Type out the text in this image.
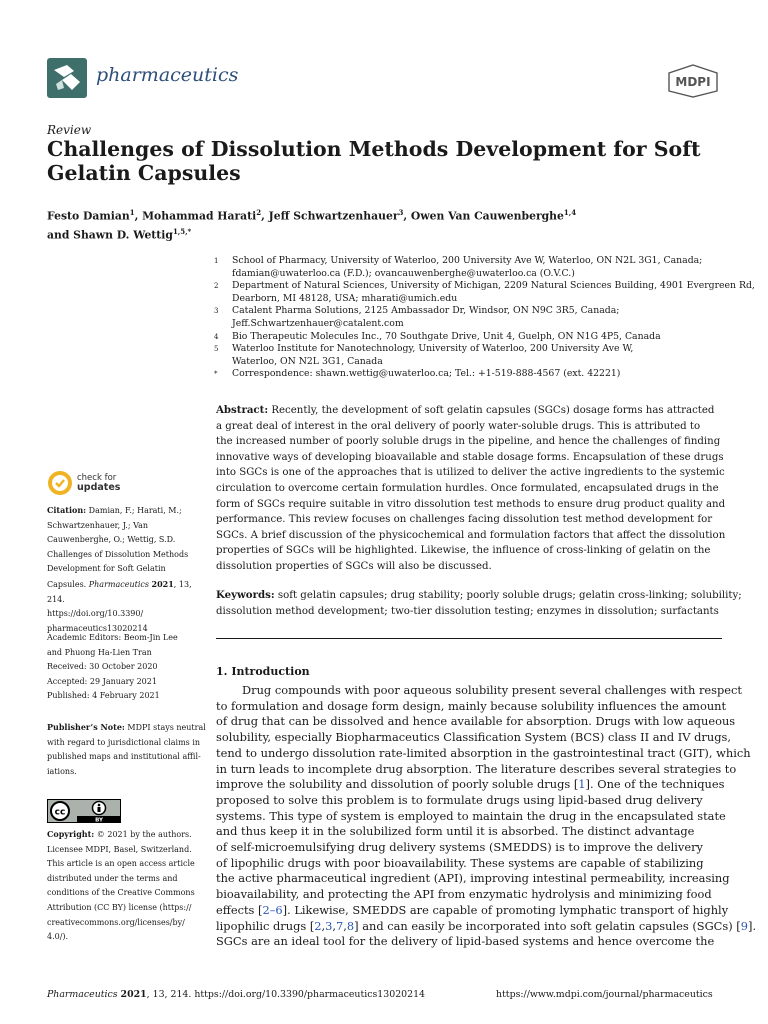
pharmaceutics	MDPI
Review
Challenges of Dissolution Methods Development for Soft
Gelatin Capsules
Festo Damian$^1$, Mohammad Harati$^2$, Jeff Schwartzenhauer$^3$, Owen Van Cauwenberghe$^{1,4}$
and Shawn D. Wettig$^{1,5,*}$
1	School of Pharmacy, University of Waterloo, 200 University Ave W, Waterloo, ON N2L 3G1, Canada;
fdamian@uwaterloo.ca (F.D.); ovancauwenberghe@uwaterloo.ca (O.V.C.)
2	Department of Natural Sciences, University of Michigan, 2209 Natural Sciences Building, 4901 Evergreen Rd,
Dearborn, MI 48128, USA; mharati@umich.edu
3	Catalent Pharma Solutions, 2125 Ambassador Dr, Windsor, ON N9C 3R5, Canada;
Jeff.Schwartzenhauer@catalent.com
4	Bio Therapeutic Molecules Inc., 70 Southgate Drive, Unit 4, Guelph, ON N1G 4P5, Canada
5	Waterloo Institute for Nanotechnology, University of Waterloo, 200 University Ave W,
Waterloo, ON N2L 3G1, Canada
*	Correspondence: shawn.wettig@uwaterloo.ca; Tel.: +1-519-888-4567 (ext. 42221)
Abstract: Recently, the development of soft gelatin capsules (SGCs) dosage forms has attracted
a great deal of interest in the oral delivery of poorly water-soluble drugs. This is attributed to
the increased number of poorly soluble drugs in the pipeline, and hence the challenges of finding
innovative ways of developing bioavailable and stable dosage forms. Encapsulation of these drugs
into SGCs is one of the approaches that is utilized to deliver the active ingredients to the systemic
circulation to overcome certain formulation hurdles. Once formulated, encapsulated drugs in the
form of SGCs require suitable in vitro dissolution test methods to ensure drug product quality and
performance. This review focuses on challenges facing dissolution test method development for
SGCs. A brief discussion of the physicochemical and formulation factors that affect the dissolution
properties of SGCs will be highlighted. Likewise, the influence of cross-linking of gelatin on the
dissolution properties of SGCs will also be discussed.
Keywords: soft gelatin capsules; drug stability; poorly soluble drugs; gelatin cross-linking; solubility;
dissolution method development; two-tier dissolution testing; enzymes in dissolution; surfactants
check for
updates
Citation: Damian, F.; Harati, M.;
Schwartzenhauer, J.; Van
Cauwenberghe, O.; Wettig, S.D.
Challenges of Dissolution Methods
Development for Soft Gelatin
Capsules. Pharmaceutics 2021, 13, 214.
https://doi.org/10.3390/
pharmaceutics13020214
Academic Editors: Beom-Jin Lee
and Phuong Ha-Lien Tran
Received: 30 October 2020
Accepted: 29 January 2021
Published: 4 February 2021
Publisher’s Note: MDPI stays neutral
with regard to jurisdictional claims in
published maps and institutional affil-
iations.
cc
BY
Copyright: © 2021 by the authors.
Licensee MDPI, Basel, Switzerland.
This article is an open access article
distributed under the terms and
conditions of the Creative Commons
Attribution (CC BY) license (https://
creativecommons.org/licenses/by/
4.0/).
1. Introduction
Drug compounds with poor aqueous solubility present several challenges with respect
to formulation and dosage form design, mainly because solubility influences the amount
of drug that can be dissolved and hence available for absorption. Drugs with low aqueous
solubility, especially Biopharmaceutics Classification System (BCS) class II and IV drugs,
tend to undergo dissolution rate-limited absorption in the gastrointestinal tract (GIT), which
in turn leads to incomplete drug absorption. The literature describes several strategies to
improve the solubility and dissolution of poorly soluble drugs [1]. One of the techniques
proposed to solve this problem is to formulate drugs using lipid-based drug delivery
systems. This type of system is employed to maintain the drug in the encapsulated state
and thus keep it in the solubilized form until it is absorbed. The distinct advantage
of self-microemulsifying drug delivery systems (SMEDDS) is to improve the delivery
of lipophilic drugs with poor bioavailability. These systems are capable of stabilizing
the active pharmaceutical ingredient (API), improving intestinal permeability, increasing
bioavailability, and protecting the API from enzymatic hydrolysis and minimizing food
effects [2–6]. Likewise, SMEDDS are capable of promoting lymphatic transport of highly
lipophilic drugs [2,3,7,8] and can easily be incorporated into soft gelatin capsules (SGCs) [9].
SGCs are an ideal tool for the delivery of lipid-based systems and hence overcome the
Pharmaceutics 2021, 13, 214. https://doi.org/10.3390/pharmaceutics13020214	https://www.mdpi.com/journal/pharmaceutics
